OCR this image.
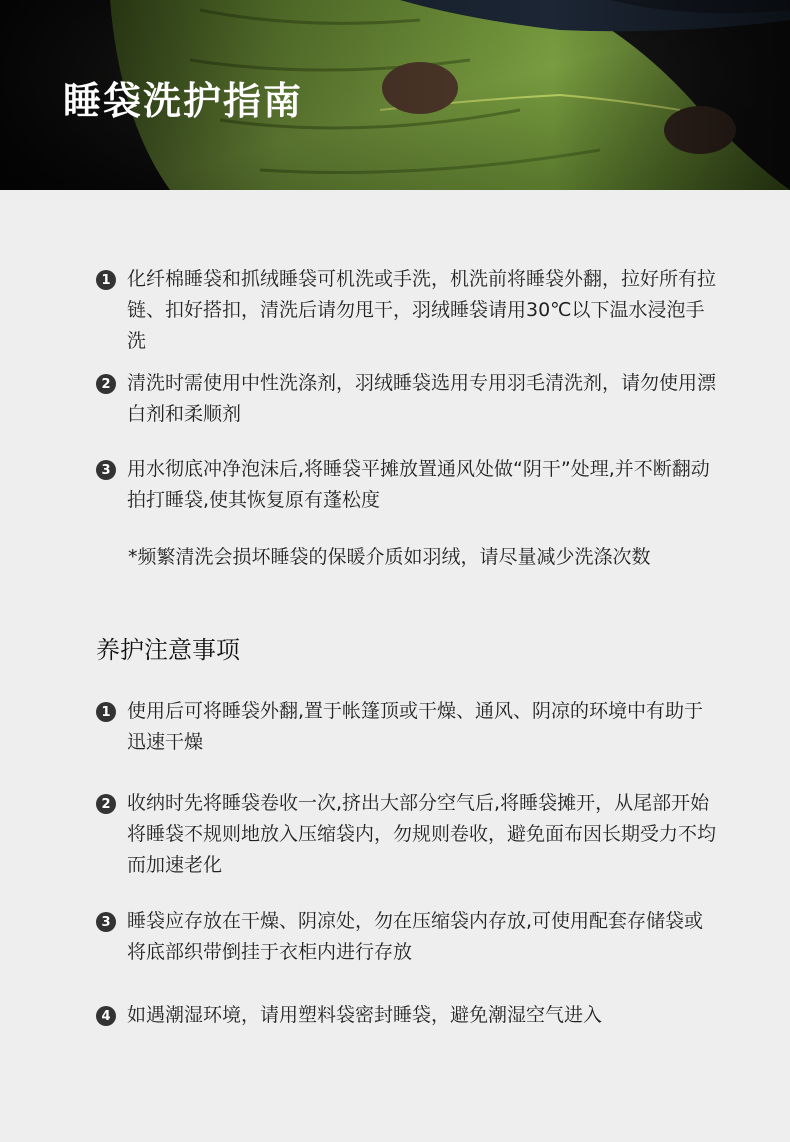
睡袋洗护指南
1 化纤棉睡袋和抓绒睡袋可机洗或手洗，机洗前将睡袋外翻，拉好所有拉链、扣好搭扣，清洗后请勿甩干，羽绒睡袋请用30℃以下温水浸泡手洗
2 清洗时需使用中性洗涤剂，羽绒睡袋选用专用羽毛清洗剂，请勿使用漂白剂和柔顺剂
3 用水彻底冲净泡沫后,将睡袋平摊放置通风处做“阴干”处理,并不断翻动拍打睡袋,使其恢复原有蓬松度

*频繁清洗会损坏睡袋的保暖介质如羽绒，请尽量减少洗涤次数

养护注意事项
1 使用后可将睡袋外翻,置于帐篷顶或干燥、通风、阴凉的环境中有助于迅速干燥
2 收纳时先将睡袋卷收一次,挤出大部分空气后,将睡袋摊开，从尾部开始将睡袋不规则地放入压缩袋内，勿规则卷收，避免面布因长期受力不均而加速老化
3 睡袋应存放在干燥、阴凉处，勿在压缩袋内存放,可使用配套存储袋或将底部织带倒挂于衣柜内进行存放
4 如遇潮湿环境，请用塑料袋密封睡袋，避免潮湿空气进入
